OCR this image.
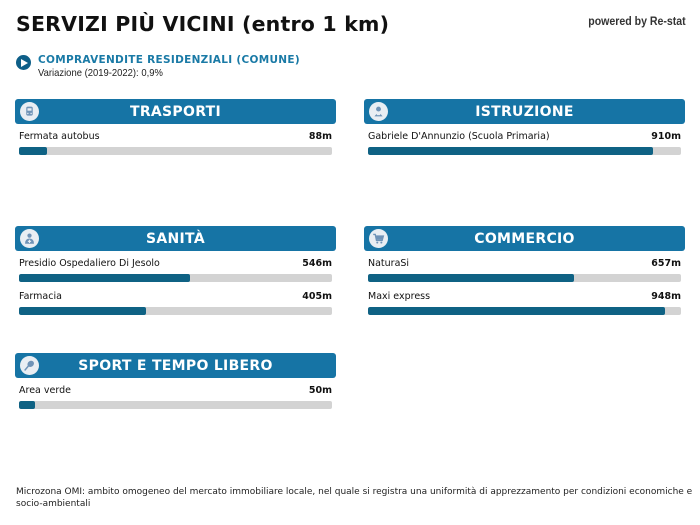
SERVIZI PIÙ VICINI (entro 1 km)	powered by Re-stat
COMPRAVENDITE RESIDENZIALI (COMUNE)
Variazione (2019-2022): 0,9%
TRASPORTI
Fermata autobus	88m
ISTRUZIONE
Gabriele D'Annunzio (Scuola Primaria)	910m
SANITÀ
Presidio Ospedaliero Di Jesolo	546m
Farmacia	405m
COMMERCIO
NaturaSi	657m
Maxi express	948m
SPORT E TEMPO LIBERO
Area verde	50m
Microzona OMI: ambito omogeneo del mercato immobiliare locale, nel quale si registra una uniformità di apprezzamento per condizioni economiche e socio-ambientali
